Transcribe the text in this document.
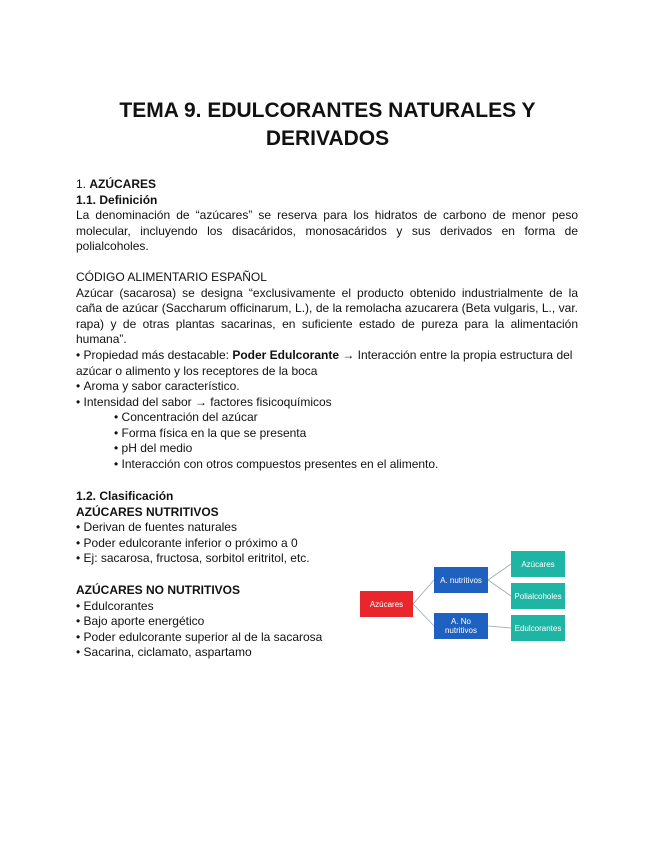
TEMA 9. EDULCORANTES NATURALES Y
DERIVADOS

1. AZÚCARES

1.1. Definición

La denominación de “azúcares” se reserva para los hidratos de carbono de menor peso molecular, incluyendo los disacáridos, monosacáridos y sus derivados en forma de polialcoholes.

CÓDIGO ALIMENTARIO ESPAÑOL

Azúcar (sacarosa) se designa “exclusivamente el producto obtenido industrialmente de la caña de azúcar (Saccharum officinarum, L.), de la remolacha azucarera (Beta vulgaris, L., var. rapa) y de otras plantas sacarinas, en suficiente estado de pureza para la alimentación humana”.

• Propiedad más destacable: Poder Edulcorante → Interacción entre la propia estructura del azúcar o alimento y los receptores de la boca
• Aroma y sabor característico.
• Intensidad del sabor → factores fisicoquímicos
• Concentración del azúcar
• Forma física en la que se presenta
• pH del medio
• Interacción con otros compuestos presentes en el alimento.

1.2. Clasificación

AZÚCARES NUTRITIVOS

• Derivan de fuentes naturales
• Poder edulcorante inferior o próximo a 0
• Ej: sacarosa, fructosa, sorbitol eritritol, etc.

AZÚCARES NO NUTRITIVOS

• Edulcorantes
• Bajo aporte energético
• Poder edulcorante superior al de la sacarosa
• Sacarina, ciclamato, aspartamo
Azúcares
A. nutritivos
A. No nutritivos
Azúcares
Polialcoholes
Edulcorantes
